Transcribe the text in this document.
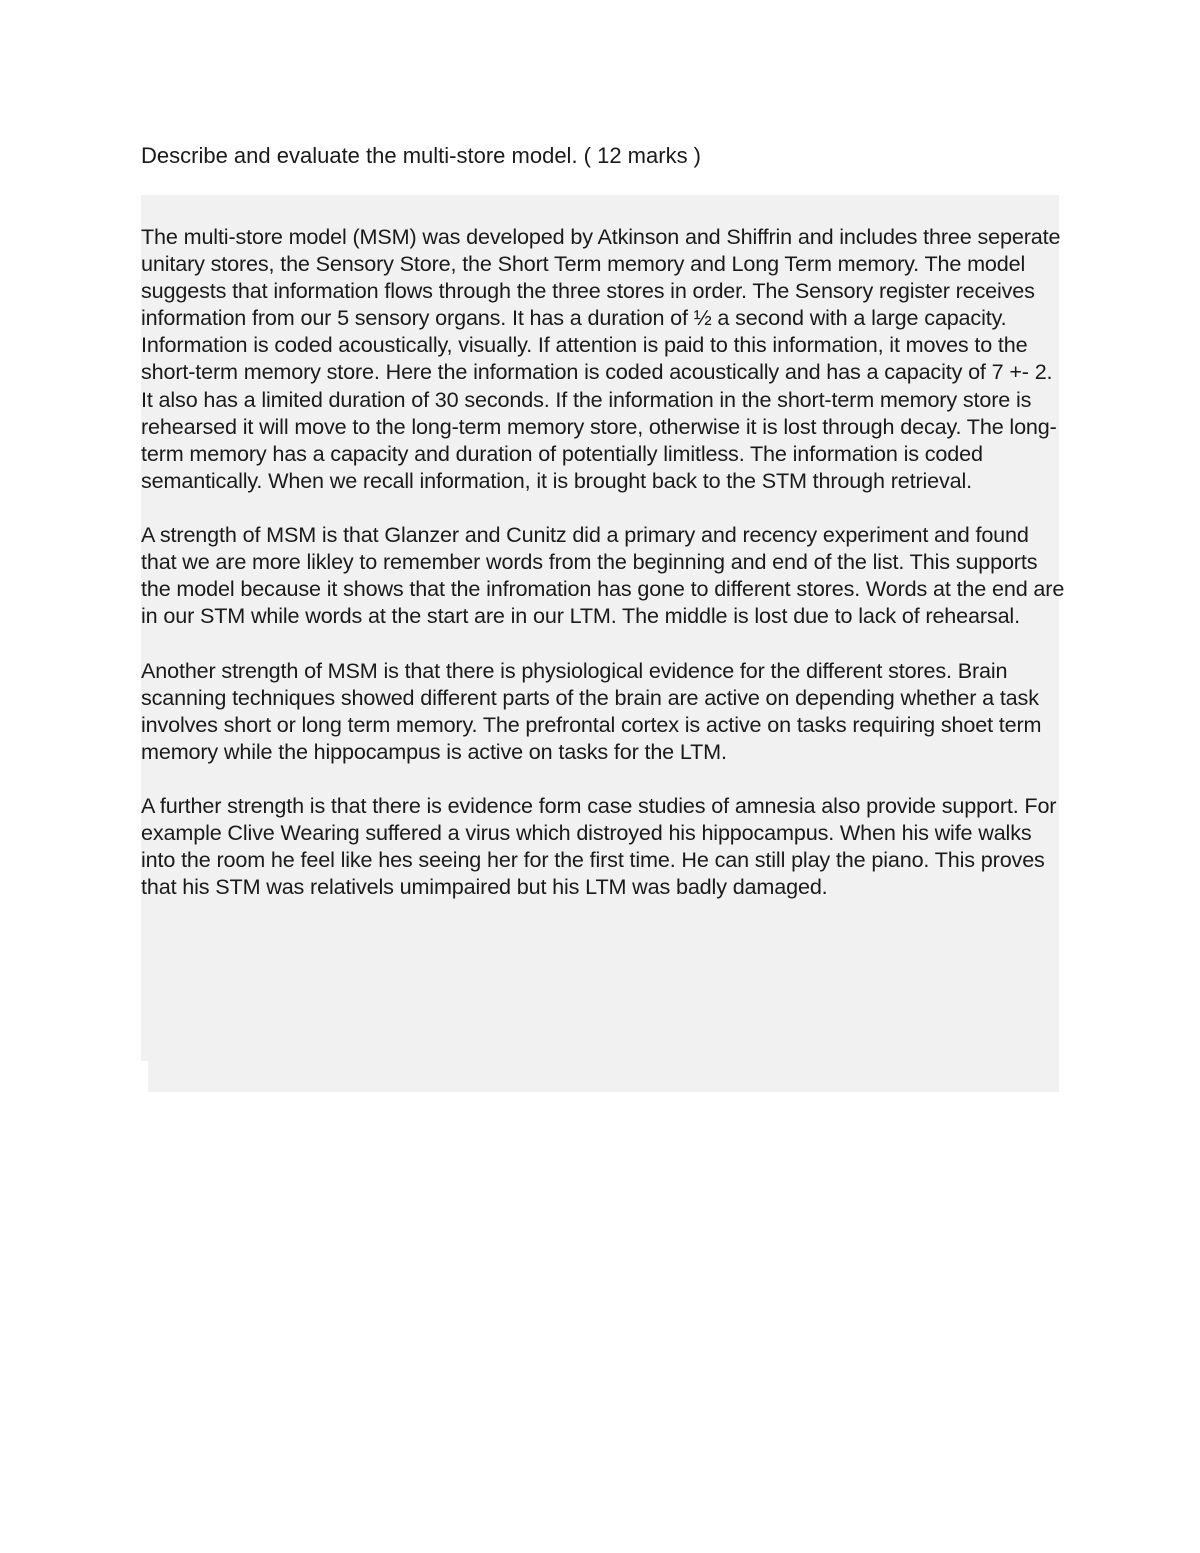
Describe and evaluate the multi-store model. ( 12 marks )

The multi-store model (MSM) was developed by Atkinson and Shiffrin and includes three seperate unitary stores, the Sensory Store, the Short Term memory and Long Term memory. The model suggests that information flows through the three stores in order. The Sensory register receives information from our 5 sensory organs. It has a duration of ½ a second with a large capacity. Information is coded acoustically, visually. If attention is paid to this information, it moves to the short-term memory store. Here the information is coded acoustically and has a capacity of 7 +- 2. It also has a limited duration of 30 seconds. If the information in the short-term memory store is rehearsed it will move to the long-term memory store, otherwise it is lost through decay. The long-term memory has a capacity and duration of potentially limitless. The information is coded semantically. When we recall information, it is brought back to the STM through retrieval.

A strength of MSM is that Glanzer and Cunitz did a primary and recency experiment and found that we are more likley to remember words from the beginning and end of the list. This supports the model because it shows that the infromation has gone to different stores. Words at the end are in our STM while words at the start are in our LTM. The middle is lost due to lack of rehearsal.

Another strength of MSM is that there is physiological evidence for the different stores. Brain scanning techniques showed different parts of the brain are active on depending whether a task involves short or long term memory. The prefrontal cortex is active on tasks requiring shoet term memory while the hippocampus is active on tasks for the LTM.

A further strength is that there is evidence form case studies of amnesia also provide support. For example Clive Wearing suffered a virus which distroyed his hippocampus. When his wife walks into the room he feel like hes seeing her for the first time. He can still play the piano. This proves that his STM was relativels umimpaired but his LTM was badly damaged.
